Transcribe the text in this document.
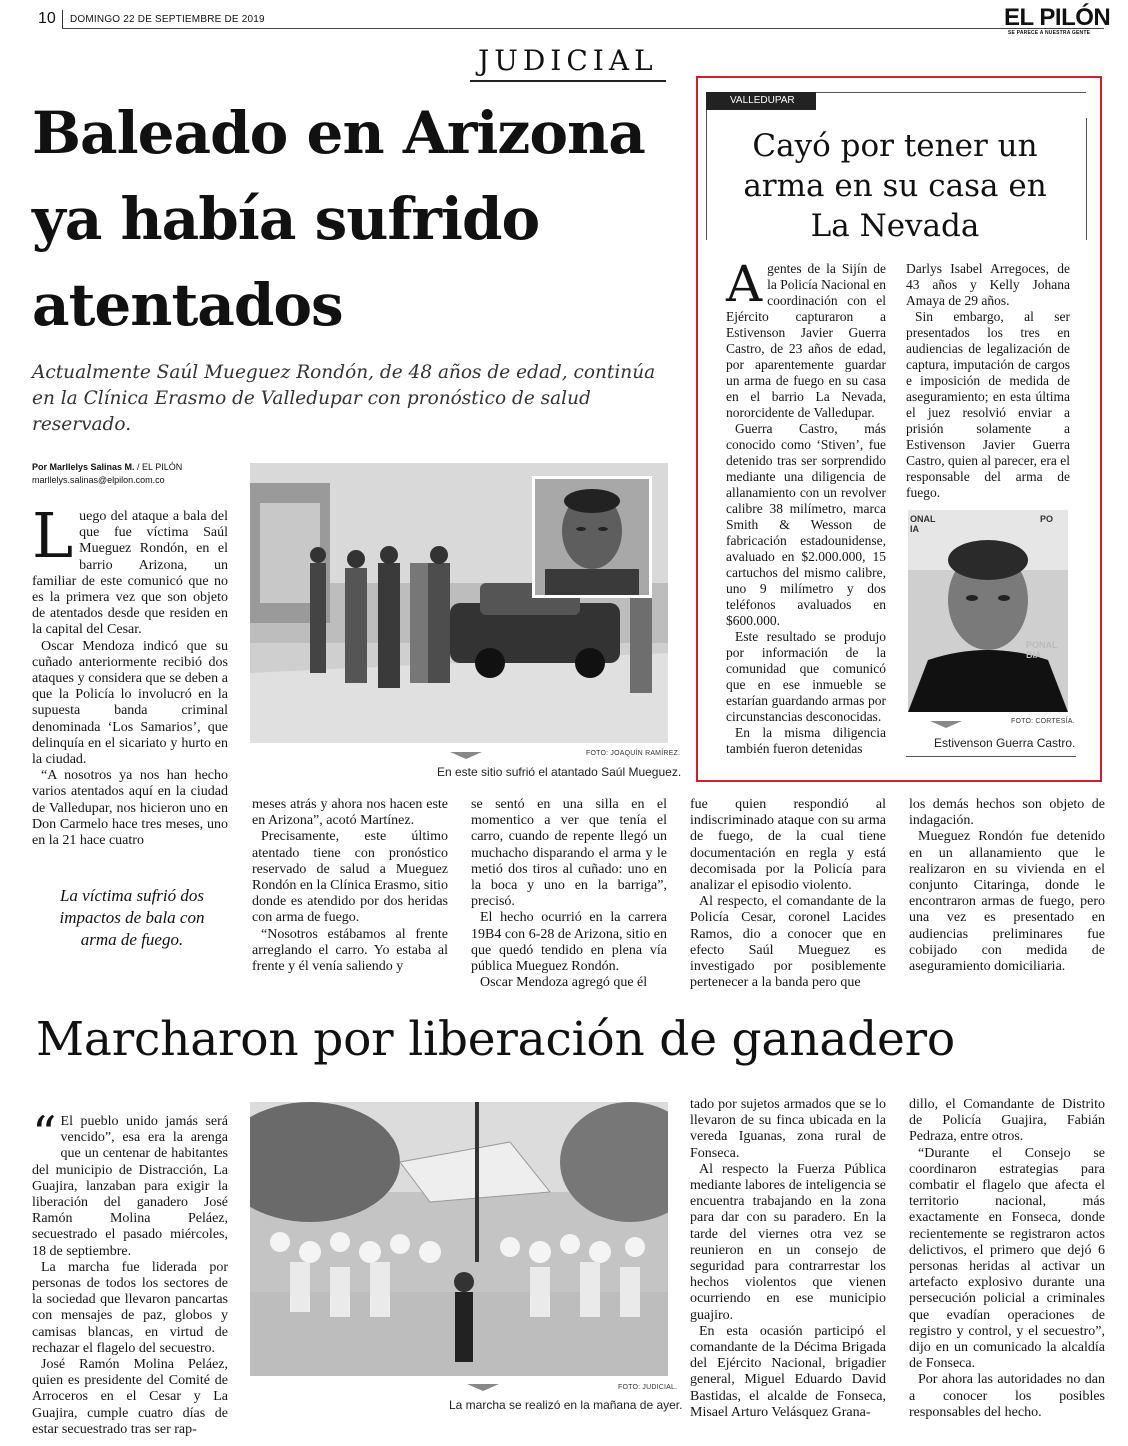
10 DOMINGO 22 DE SEPTIEMBRE DE 2019	EL PILÓN
SE PARECE A NUESTRA GENTE
JUDICIAL
Baleado en Arizona ya había sufrido atentados

Actualmente Saúl Mueguez Rondón, de 48 años de edad, continúa en la Clínica Erasmo de Valledupar con pronóstico de salud reservado.

Por Marllelys Salinas M. / EL PILÓN
marllelys.salinas@elpilon.com.co
L uego del ataque a bala del que fue víctima Saúl Mueguez Rondón, en el barrio Arizona, un familiar de este comunicó que no es la primera vez que son objeto de atentados desde que residen en la capital del Cesar.

Oscar Mendoza indicó que su cuñado anteriormente recibió dos ataques y considera que se deben a que la Policía lo involucró en la supuesta banda criminal denominada ‘Los Samarios’, que delinquía en el sicariato y hurto en la ciudad.

“A nosotros ya nos han hecho varios atentados aquí en la ciudad de Valledupar, nos hicieron uno en Don Carmelo hace tres meses, uno en la 21 hace cuatro

La víctima sufrió dos impactos de bala con arma de fuego.

FOTO: JOAQUÍN RAMÍREZ.
En este sitio sufrió el atantado Saúl Mueguez.

meses atrás y ahora nos hacen este en Arizona”, acotó Martínez.

Precisamente, este último atentado tiene con pronóstico reservado de salud a Mueguez Rondón en la Clínica Erasmo, sitio donde es atendido por dos heridas con arma de fuego.

“Nosotros estábamos al frente arreglando el carro. Yo estaba al frente y él venía saliendo y

se sentó en una silla en el momentico a ver que tenía el carro, cuando de repente llegó un muchacho disparando el arma y le metió dos tiros al cuñado: uno en la boca y uno en la barriga”, precisó.

El hecho ocurrió en la carrera 19B4 con 6-28 de Arizona, sitio en que quedó tendido en plena vía pública Mueguez Rondón.

Oscar Mendoza agregó que él

fue quien respondió al indiscriminado ataque con su arma de fuego, de la cual tiene documentación en regla y está decomisada por la Policía para analizar el episodio violento.

Al respecto, el comandante de la Policía Cesar, coronel Lacides Ramos, dio a conocer que en efecto Saúl Mueguez es investigado por posiblemente pertenecer a la banda pero que

los demás hechos son objeto de indagación.

Mueguez Rondón fue detenido en un allanamiento que le realizaron en su vivienda en el conjunto Citaringa, donde le encontraron armas de fuego, pero una vez es presentado en audiencias preliminares fue cobijado con medida de aseguramiento domiciliaria.

VALLEDUPAR
Cayó por tener un arma en su casa en La Nevada
A gentes de la Sijín de la Policía Nacional en coordinación con el Ejército capturaron a Estivenson Javier Guerra Castro, de 23 años de edad, por aparentemente guardar un arma de fuego en su casa en el barrio La Nevada, nororcidente de Valledupar.

Guerra Castro, más conocido como ‘Stiven’, fue detenido tras ser sorprendido mediante una diligencia de allanamiento con un revolver calibre 38 milímetro, marca Smith & Wesson de fabricación estadounidense, avaluado en $2.000.000, 15 cartuchos del mismo calibre, uno 9 milímetro y dos teléfonos avaluados en $600.000.

Este resultado se produjo por información de la comunidad que comunicó que en ese inmueble se estarían guardando armas por circunstancias desconocidas.

En la misma diligencia también fueron detenidas

Darlys Isabel Arregoces, de 43 años y Kelly Johana Amaya de 29 años.

Sin embargo, al ser presentados los tres en audiencias de legalización de captura, imputación de cargos e imposición de medida de aseguramiento; en esta última el juez resolvió enviar a prisión solamente a Estivenson Javier Guerra Castro, quien al parecer, era el responsable del arma de fuego.

ONAL
IA
PO
PONAL
BIA
FOTO: CORTESÍA.
Estivenson Guerra Castro.
Marcharon por liberación de ganadero
“ El pueblo unido jamás será vencido”, esa era la arenga que un centenar de habitantes del municipio de Distracción, La Guajira, lanzaban para exigir la liberación del ganadero José Ramón Molina Peláez, secuestrado el pasado miércoles, 18 de septiembre.

La marcha fue liderada por personas de todos los sectores de la sociedad que llevaron pancartas con mensajes de paz, globos y camisas blancas, en virtud de rechazar el flagelo del secuestro.

José Ramón Molina Peláez, quien es presidente del Comité de Arroceros en el Cesar y La Guajira, cumple cuatro días de estar secuestrado tras ser rap-

FOTO: JUDICIAL.
La marcha se realizó en la mañana de ayer.

tado por sujetos armados que se lo llevaron de su finca ubicada en la vereda Iguanas, zona rural de Fonseca.

Al respecto la Fuerza Pública mediante labores de inteligencia se encuentra trabajando en la zona para dar con su paradero. En la tarde del viernes otra vez se reunieron en un consejo de seguridad para contrarrestar los hechos violentos que vienen ocurriendo en ese municipio guajiro.

En esta ocasión participó el comandante de la Décima Brigada del Ejército Nacional, brigadier general, Miguel Eduardo David Bastidas, el alcalde de Fonseca, Misael Arturo Velásquez Grana-

dillo, el Comandante de Distrito de Policía Guajira, Fabián Pedraza, entre otros.

“Durante el Consejo se coordinaron estrategias para combatir el flagelo que afecta el territorio nacional, más exactamente en Fonseca, donde recientemente se registraron actos delictivos, el primero que dejó 6 personas heridas al activar un artefacto explosivo durante una persecución policial a criminales que evadían operaciones de registro y control, y el secuestro”, dijo en un comunicado la alcaldía de Fonseca.

Por ahora las autoridades no dan a conocer los posibles responsables del hecho.
